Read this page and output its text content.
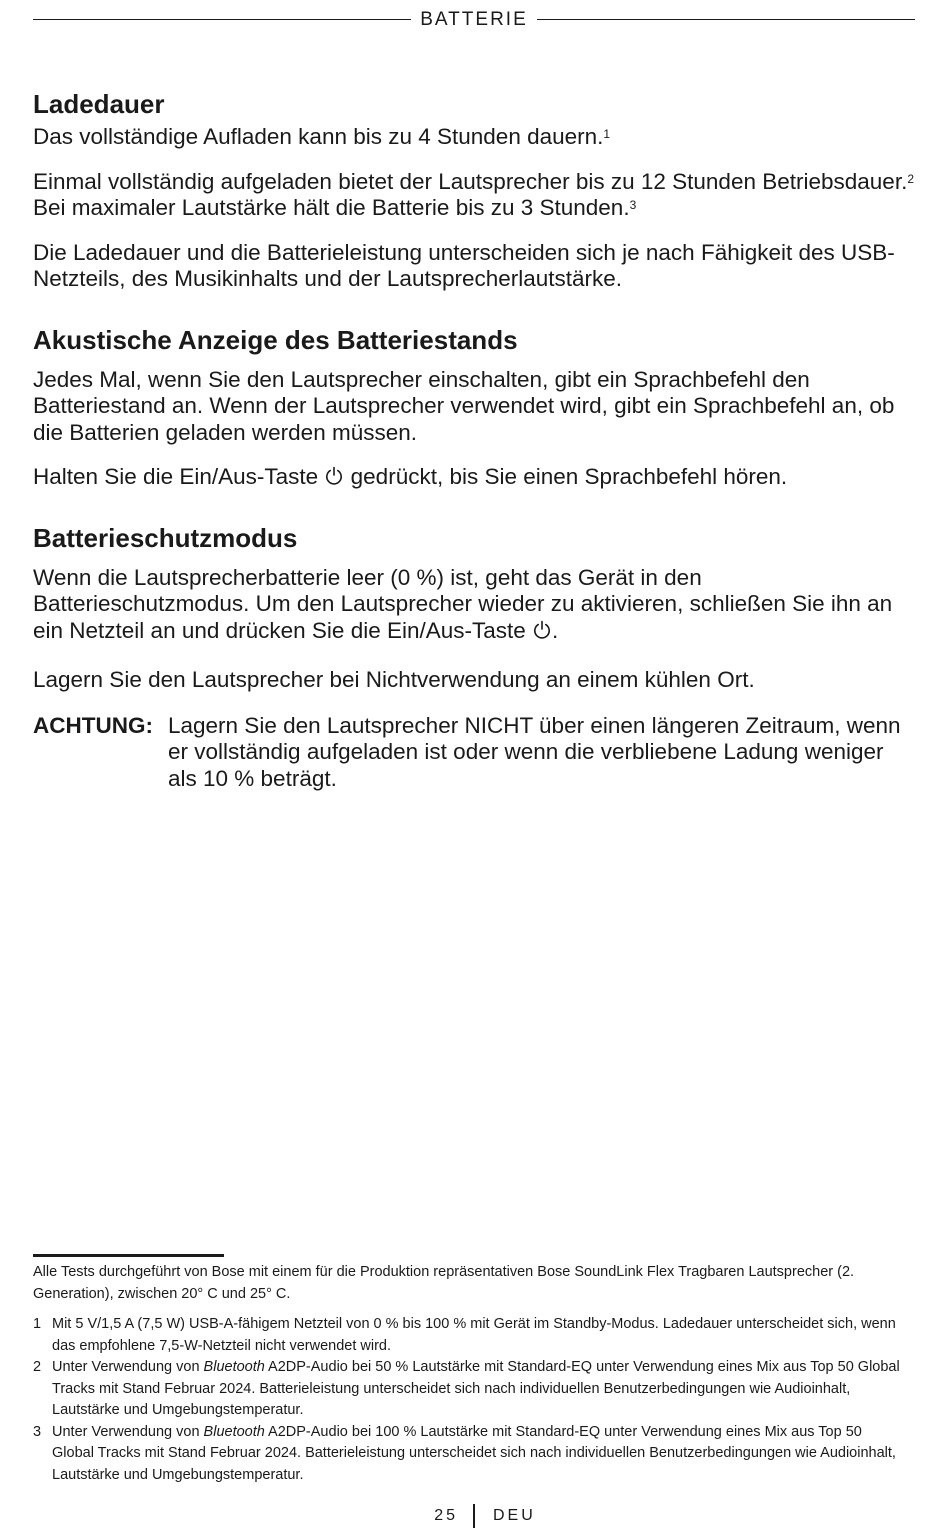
BATTERIE
Ladedauer

Das vollständige Aufladen kann bis zu 4 Stunden dauern.$^1$

Einmal vollständig aufgeladen bietet der Lautsprecher bis zu 12 Stunden Betriebsdauer.$^2$ Bei maximaler Lautstärke hält die Batterie bis zu 3 Stunden.$^3$

Die Ladedauer und die Batterieleistung unterscheiden sich je nach Fähigkeit des USB-Netzteils, des Musikinhalts und der Lautsprecherlautstärke.

Akustische Anzeige des Batteriestands

Jedes Mal, wenn Sie den Lautsprecher einschalten, gibt ein Sprachbefehl den Batteriestand an. Wenn der Lautsprecher verwendet wird, gibt ein Sprachbefehl an, ob die Batterien geladen werden müssen.

Halten Sie die Ein/Aus-Taste  gedrückt, bis Sie einen Sprachbefehl hören.

Batterieschutzmodus

Wenn die Lautsprecherbatterie leer (0 %) ist, geht das Gerät in den Batterieschutzmodus. Um den Lautsprecher wieder zu aktivieren, schließen Sie ihn an ein Netzteil an und drücken Sie die Ein/Aus-Taste .

Lagern Sie den Lautsprecher bei Nichtverwendung an einem kühlen Ort.

ACHTUNG: Lagern Sie den Lautsprecher NICHT über einen längeren Zeitraum, wenn er vollständig aufgeladen ist oder wenn die verbliebene Ladung weniger als 10 % beträgt.

Alle Tests durchgeführt von Bose mit einem für die Produktion repräsentativen Bose SoundLink Flex Tragbaren Lautsprecher (2. Generation), zwischen 20° C und 25° C.
1 Mit 5 V/1,5 A (7,5 W) USB-A-fähigem Netzteil von 0 % bis 100 % mit Gerät im Standby-Modus. Ladedauer unterscheidet sich, wenn das empfohlene 7,5-W-Netzteil nicht verwendet wird.
2 Unter Verwendung von Bluetooth A2DP-Audio bei 50 % Lautstärke mit Standard-EQ unter Verwendung eines Mix aus Top 50 Global Tracks mit Stand Februar 2024. Batterieleistung unterscheidet sich nach individuellen Benutzerbedingungen wie Audioinhalt, Lautstärke und Umgebungstemperatur.
3 Unter Verwendung von Bluetooth A2DP-Audio bei 100 % Lautstärke mit Standard-EQ unter Verwendung eines Mix aus Top 50 Global Tracks mit Stand Februar 2024. Batterieleistung unterscheidet sich nach individuellen Benutzerbedingungen wie Audioinhalt, Lautstärke und Umgebungstemperatur.
25 DEU
